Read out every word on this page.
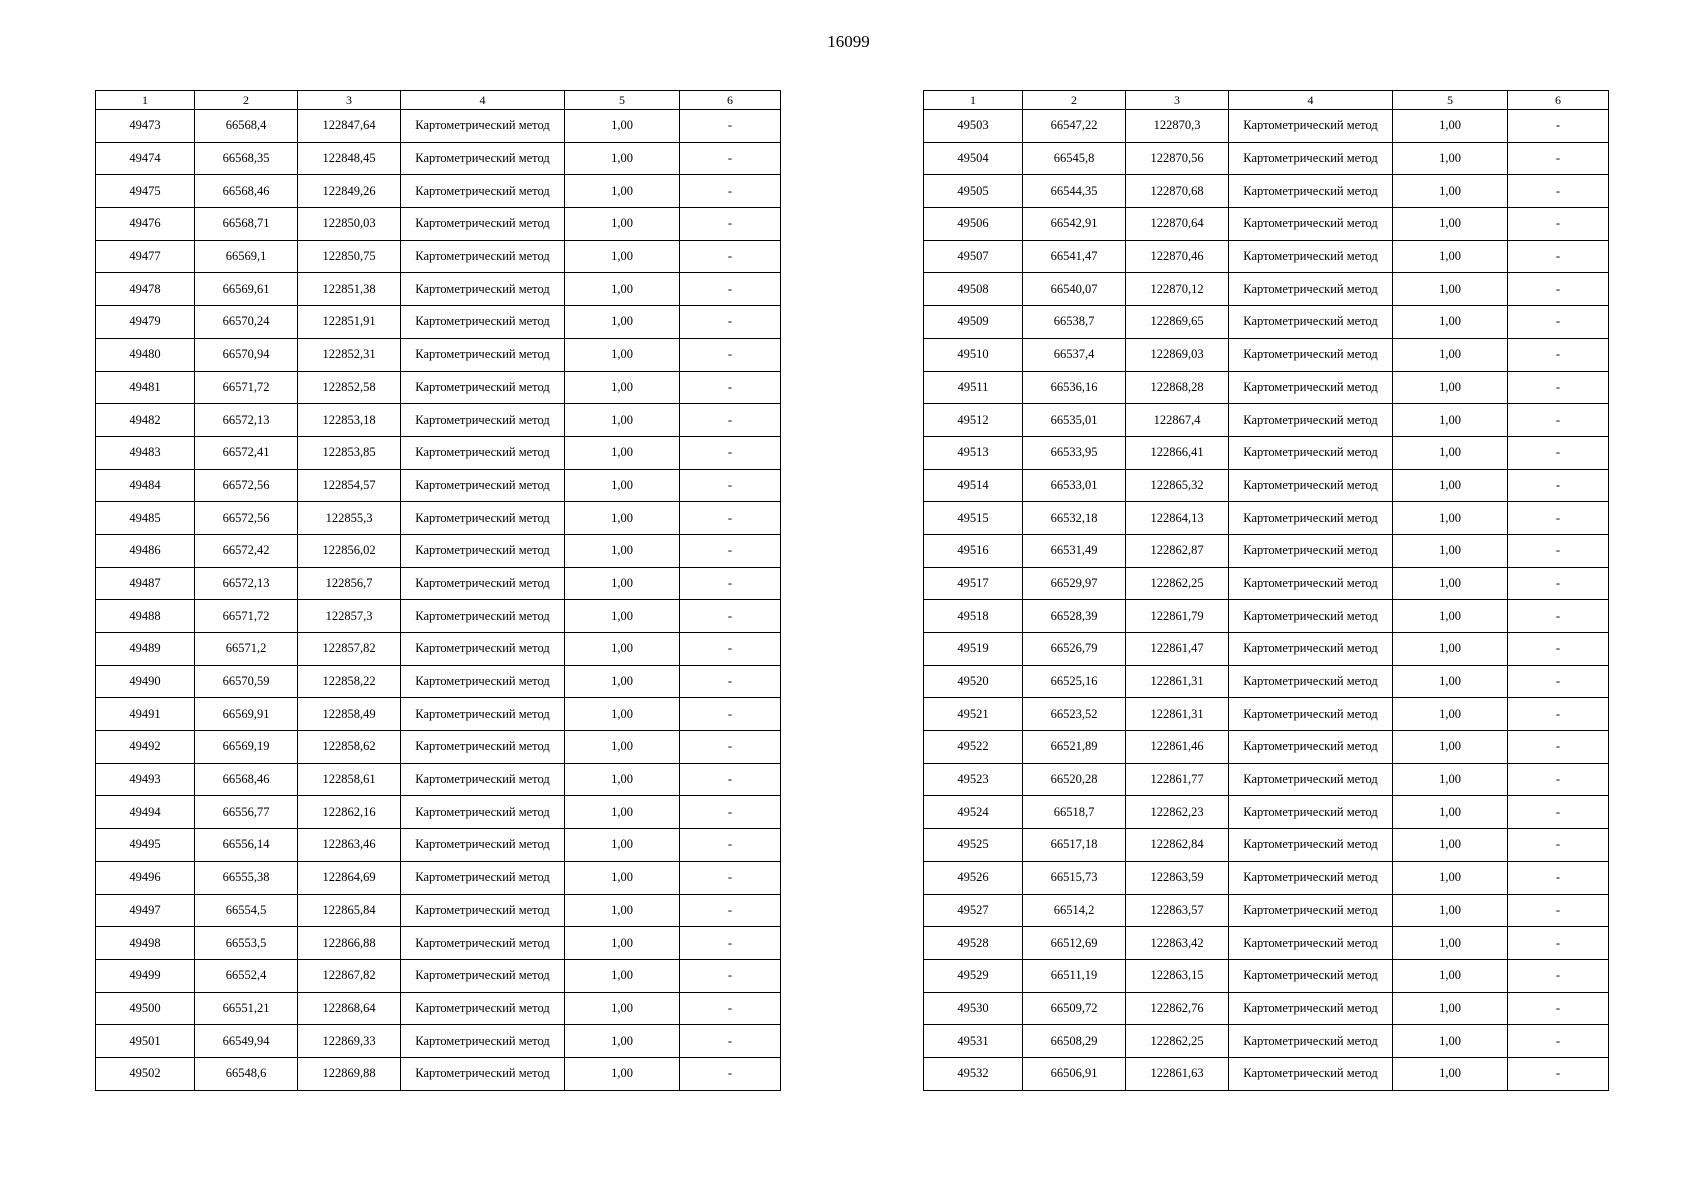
16099
1	2	3	4	5	6
49473	66568,4	122847,64	Картометрический метод	1,00	-
49474	66568,35	122848,45	Картометрический метод	1,00	-
49475	66568,46	122849,26	Картометрический метод	1,00	-
49476	66568,71	122850,03	Картометрический метод	1,00	-
49477	66569,1	122850,75	Картометрический метод	1,00	-
49478	66569,61	122851,38	Картометрический метод	1,00	-
49479	66570,24	122851,91	Картометрический метод	1,00	-
49480	66570,94	122852,31	Картометрический метод	1,00	-
49481	66571,72	122852,58	Картометрический метод	1,00	-
49482	66572,13	122853,18	Картометрический метод	1,00	-
49483	66572,41	122853,85	Картометрический метод	1,00	-
49484	66572,56	122854,57	Картометрический метод	1,00	-
49485	66572,56	122855,3	Картометрический метод	1,00	-
49486	66572,42	122856,02	Картометрический метод	1,00	-
49487	66572,13	122856,7	Картометрический метод	1,00	-
49488	66571,72	122857,3	Картометрический метод	1,00	-
49489	66571,2	122857,82	Картометрический метод	1,00	-
49490	66570,59	122858,22	Картометрический метод	1,00	-
49491	66569,91	122858,49	Картометрический метод	1,00	-
49492	66569,19	122858,62	Картометрический метод	1,00	-
49493	66568,46	122858,61	Картометрический метод	1,00	-
49494	66556,77	122862,16	Картометрический метод	1,00	-
49495	66556,14	122863,46	Картометрический метод	1,00	-
49496	66555,38	122864,69	Картометрический метод	1,00	-
49497	66554,5	122865,84	Картометрический метод	1,00	-
49498	66553,5	122866,88	Картометрический метод	1,00	-
49499	66552,4	122867,82	Картометрический метод	1,00	-
49500	66551,21	122868,64	Картометрический метод	1,00	-
49501	66549,94	122869,33	Картометрический метод	1,00	-
49502	66548,6	122869,88	Картометрический метод	1,00	-
1	2	3	4	5	6
49503	66547,22	122870,3	Картометрический метод	1,00	-
49504	66545,8	122870,56	Картометрический метод	1,00	-
49505	66544,35	122870,68	Картометрический метод	1,00	-
49506	66542,91	122870,64	Картометрический метод	1,00	-
49507	66541,47	122870,46	Картометрический метод	1,00	-
49508	66540,07	122870,12	Картометрический метод	1,00	-
49509	66538,7	122869,65	Картометрический метод	1,00	-
49510	66537,4	122869,03	Картометрический метод	1,00	-
49511	66536,16	122868,28	Картометрический метод	1,00	-
49512	66535,01	122867,4	Картометрический метод	1,00	-
49513	66533,95	122866,41	Картометрический метод	1,00	-
49514	66533,01	122865,32	Картометрический метод	1,00	-
49515	66532,18	122864,13	Картометрический метод	1,00	-
49516	66531,49	122862,87	Картометрический метод	1,00	-
49517	66529,97	122862,25	Картометрический метод	1,00	-
49518	66528,39	122861,79	Картометрический метод	1,00	-
49519	66526,79	122861,47	Картометрический метод	1,00	-
49520	66525,16	122861,31	Картометрический метод	1,00	-
49521	66523,52	122861,31	Картометрический метод	1,00	-
49522	66521,89	122861,46	Картометрический метод	1,00	-
49523	66520,28	122861,77	Картометрический метод	1,00	-
49524	66518,7	122862,23	Картометрический метод	1,00	-
49525	66517,18	122862,84	Картометрический метод	1,00	-
49526	66515,73	122863,59	Картометрический метод	1,00	-
49527	66514,2	122863,57	Картометрический метод	1,00	-
49528	66512,69	122863,42	Картометрический метод	1,00	-
49529	66511,19	122863,15	Картометрический метод	1,00	-
49530	66509,72	122862,76	Картометрический метод	1,00	-
49531	66508,29	122862,25	Картометрический метод	1,00	-
49532	66506,91	122861,63	Картометрический метод	1,00	-
